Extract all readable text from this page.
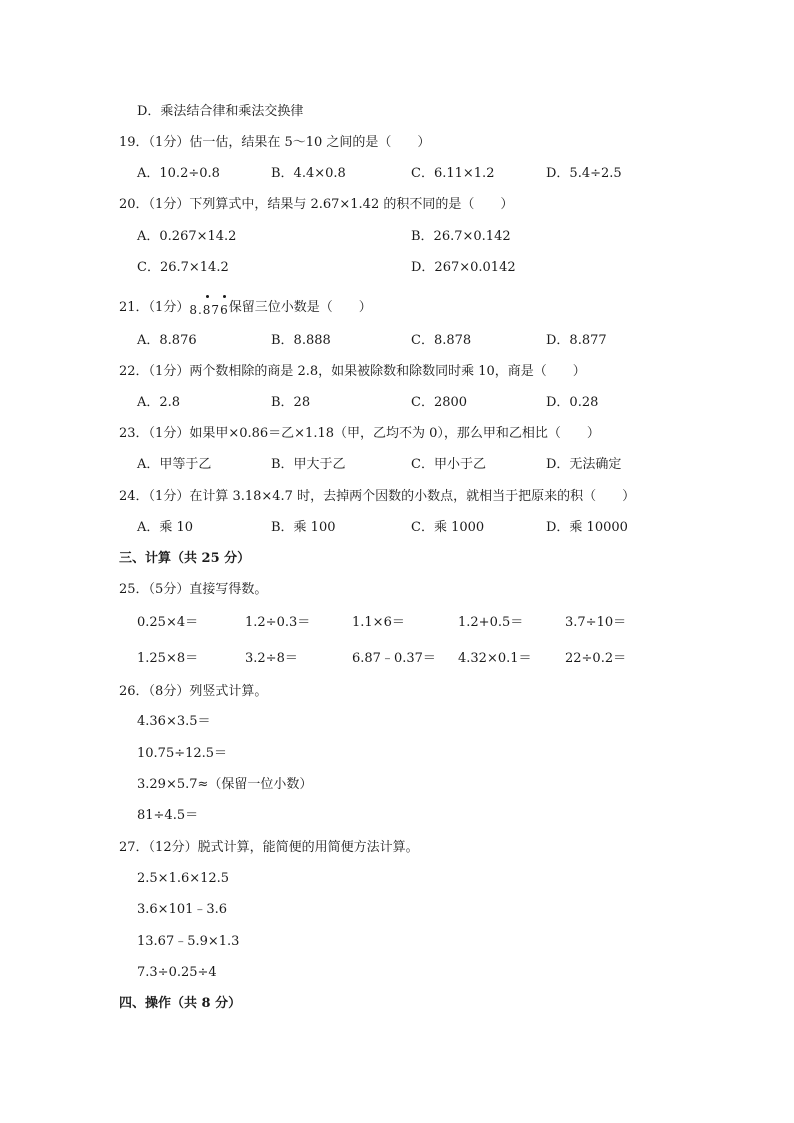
D．乘法结合律和乘法交换律
19．（1分）估一估，结果在 5～10 之间的是（　　）
A．10.2÷0.8	B．4.4×0.8	C．6.11×1.2	D．5.4÷2.5
20．（1分）下列算式中，结果与 2.67×1.42 的积不同的是（　　）
A．0.267×14.2	B．26.7×0.142
C．26.7×14.2	D．267×0.0142
21．（1分）8.
87
6保留三位小数是（　　）
A．8.876	B．8.888	C．8.878	D．8.877
22．（1分）两个数相除的商是 2.8，如果被除数和除数同时乘 10，商是（　　）
A．2.8	B．28	C．2800	D．0.28
23．（1分）如果甲×0.86＝乙×1.18（甲，乙均不为 0），那么甲和乙相比（　　）
A．甲等于乙	B．甲大于乙	C．甲小于乙	D．无法确定
24．（1分）在计算 3.18×4.7 时，去掉两个因数的小数点，就相当于把原来的积（　　）
A．乘 10	B．乘 100	C．乘 1000	D．乘 10000
三、计算（共 25 分）
25．（5分）直接写得数。
0.25×4＝	1.2÷0.3＝	1.1×6＝	1.2+0.5＝	3.7÷10＝
1.25×8＝	3.2÷8＝	6.87﹣0.37＝ 4.32×0.1＝	22÷0.2＝
26．（8分）列竖式计算。
4.36×3.5＝
10.75÷12.5＝
3.29×5.7≈（保留一位小数）
81÷4.5＝
27．（12分）脱式计算，能简便的用简便方法计算。
2.5×1.6×12.5
3.6×101﹣3.6
13.67﹣5.9×1.3
7.3÷0.25÷4
四、操作（共 8 分）
